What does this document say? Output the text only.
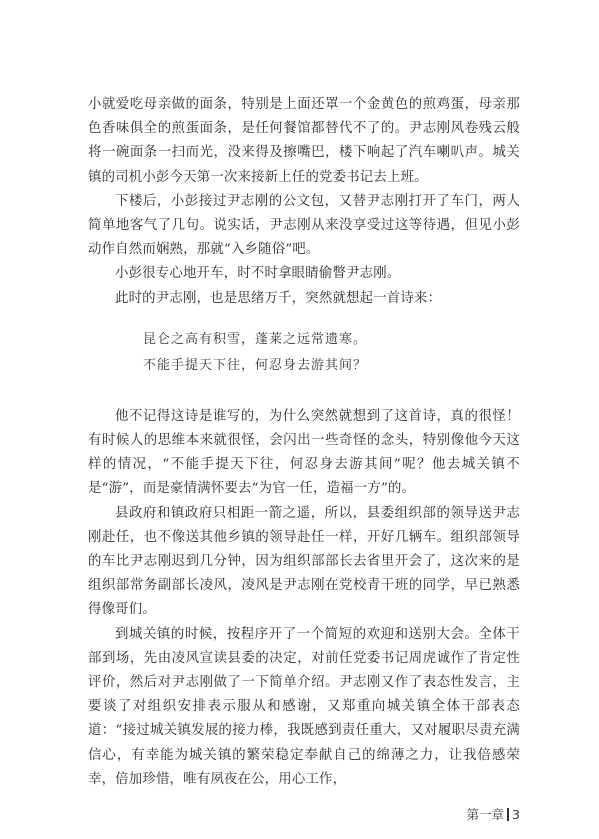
小就爱吃母亲做的面条，特别是上面还罩一个金黄色的煎鸡蛋，母亲那色香味俱全的煎蛋面条，是任何餐馆都替代不了的。尹志刚风卷残云般将一碗面条一扫而光，没来得及擦嘴巴，楼下响起了汽车喇叭声。城关镇的司机小彭今天第一次来接新上任的党委书记去上班。

下楼后，小彭接过尹志刚的公文包，又替尹志刚打开了车门，两人简单地客气了几句。说实话，尹志刚从来没享受过这等待遇，但见小彭动作自然而娴熟，那就“入乡随俗”吧。

小彭很专心地开车，时不时拿眼睛偷瞥尹志刚。

此时的尹志刚，也是思绪万千，突然就想起一首诗来：

昆仑之高有积雪，蓬莱之远常遗寒。

不能手提天下往，何忍身去游其间？

他不记得这诗是谁写的，为什么突然就想到了这首诗，真的很怪！有时候人的思维本来就很怪，会闪出一些奇怪的念头，特别像他今天这样的情况，“不能手提天下往，何忍身去游其间”呢？他去城关镇不是“游”，而是豪情满怀要去“为官一任，造福一方”的。

县政府和镇政府只相距一箭之遥，所以，县委组织部的领导送尹志刚赴任，也不像送其他乡镇的领导赴任一样，开好几辆车。组织部领导的车比尹志刚迟到几分钟，因为组织部部长去省里开会了，这次来的是组织部常务副部长凌风，凌风是尹志刚在党校青干班的同学，早已熟悉得像哥们。

到城关镇的时候，按程序开了一个简短的欢迎和送别大会。全体干部到场，先由凌风宣读县委的决定，对前任党委书记周虎诚作了肯定性评价，然后对尹志刚做了一下简单介绍。尹志刚又作了表态性发言，主要谈了对组织安排表示服从和感谢，又郑重向城关镇全体干部表态道：“接过城关镇发展的接力棒，我既感到责任重大，又对履职尽责充满信心，有幸能为城关镇的繁荣稳定奉献自己的绵薄之力，让我倍感荣幸，倍加珍惜，唯有夙夜在公，用心工作，

第一章 3
